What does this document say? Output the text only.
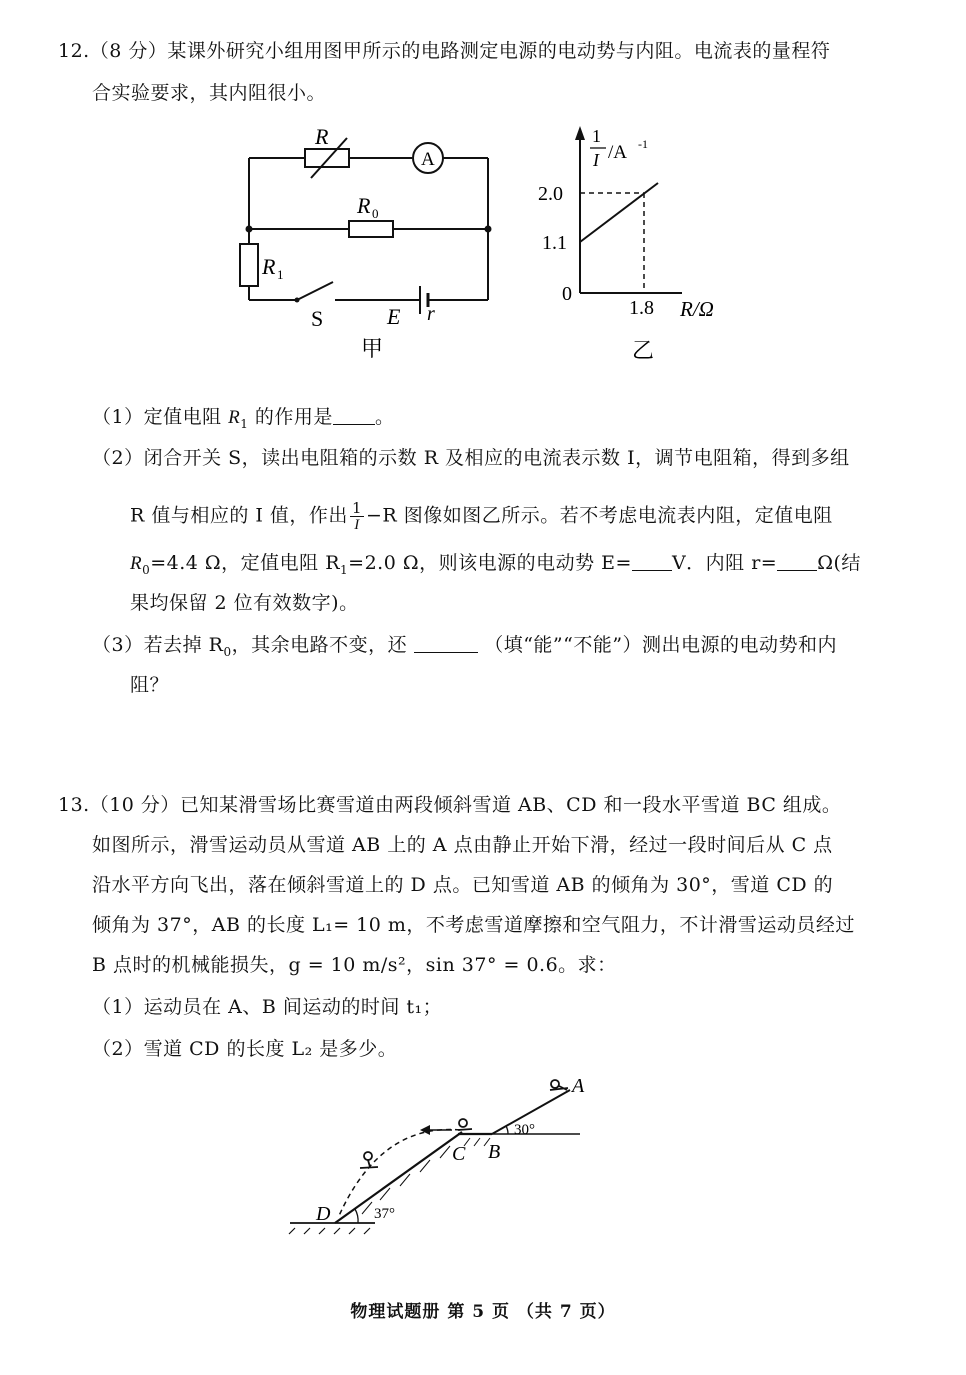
12.（8 分）某课外研究小组用图甲所示的电路测定电源的电动势与内阻。电流表的量程符
合实验要求，其内阻很小。
R
A
R 0
R 1
S	E r
甲
1
I /A -1
2.0
1.1
0
1.8 R/Ω
乙
（1）定值电阻 $R_1$ 的作用是 。
（2）闭合开关 S，读出电阻箱的示数 R 及相应的电流表示数 I，调节电阻箱，得到多组
R 值与相应的 I 值，作出 $\frac{1}{I} -R$ 图像如图乙所示。若不考虑电流表内阻，定值电阻
$R_0=4.4$ Ω，定值电阻 $R_1=2.0$ Ω，则该电源的电动势 E= V．内阻 r= Ω(结
果均保留 2 位有效数字)。
（3）若去掉 $R_0$，其余电路不变，还	（填“能”“不能”）测出电源的电动势和内
阻？
13.（10 分）已知某滑雪场比赛雪道由两段倾斜雪道 AB、CD 和一段水平雪道 BC 组成。
如图所示，滑雪运动员从雪道 AB 上的 A 点由静止开始下滑，经过一段时间后从 C 点
沿水平方向飞出，落在倾斜雪道上的 D 点。已知雪道 AB 的倾角为 30°，雪道 CD 的
倾角为 37°，AB 的长度 L₁= 10 m，不考虑雪道摩擦和空气阻力，不计滑雪运动员经过
B 点时的机械能损失，g = 10 m/s²，sin 37° = 0.6。求：
（1）运动员在 A、B 间运动的时间 t₁；
（2）雪道 CD 的长度 L₂ 是多少。
A
B
C
D
30°
37°
物理试题册 第 5 页 （共 7 页）
